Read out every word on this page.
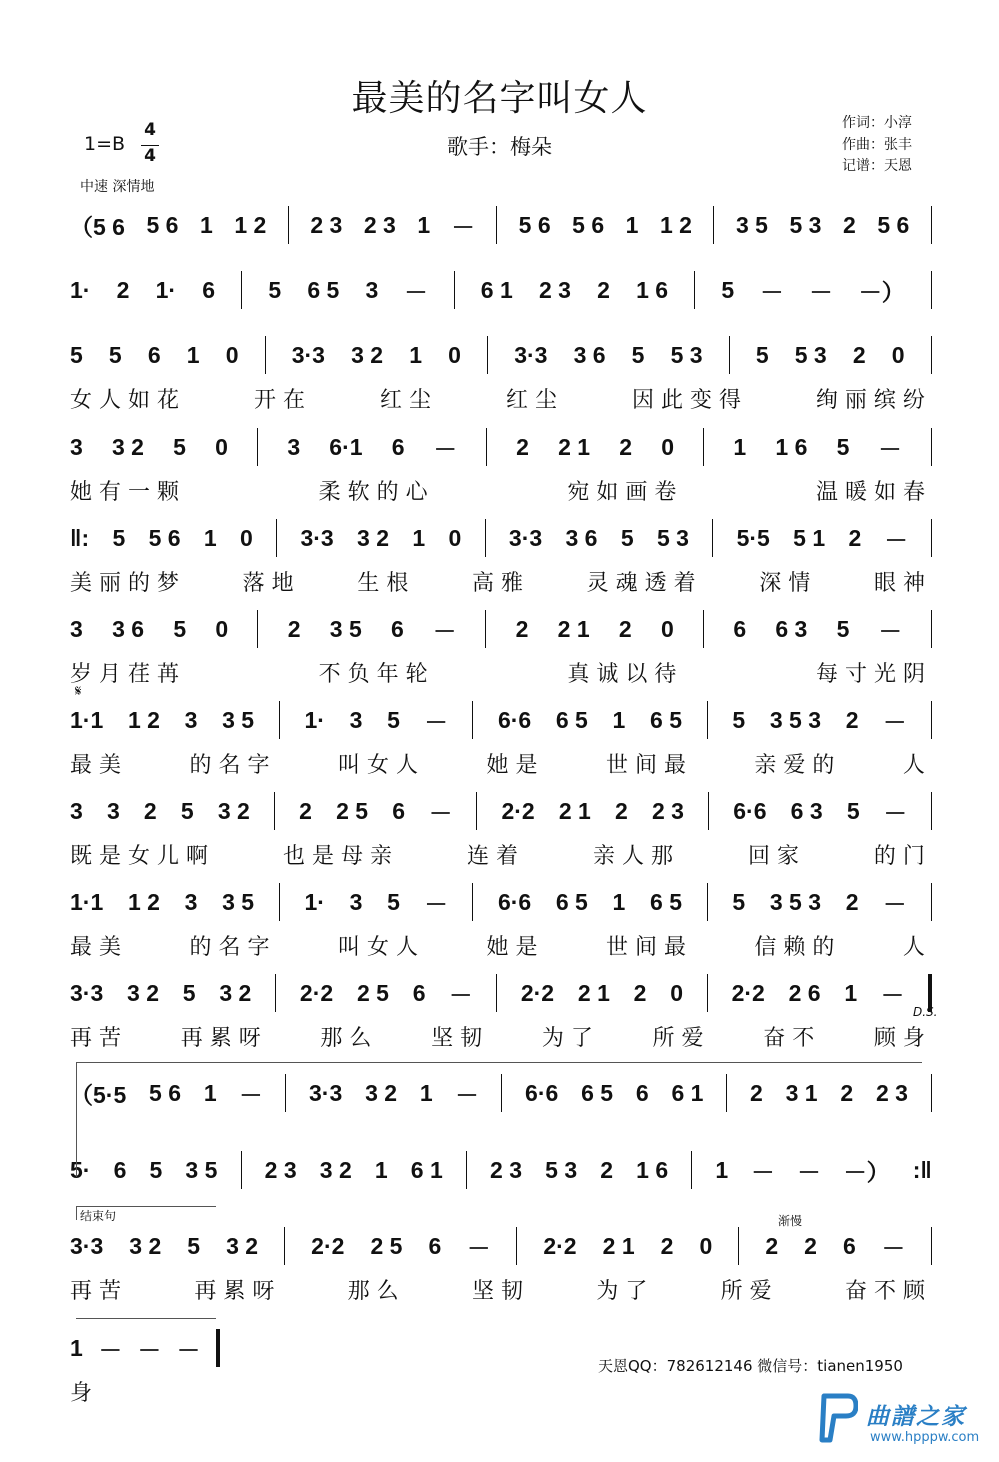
最美的名字叫女人
1=B
4
4
中速 深情地
歌手：梅朵
作词：小淳
作曲：张丰
记谱：天恩
（5 6 5 6 1 1 2 2 3 2 3 1 － 5 6 5 6 1 1 2 3 5 5 3 2 5 6
1· 2 1· 6 5 6 5 3 － 6 1 2 3 2 1 6 5 － － －）
5 5 6 1 0 3·3 3 2 1 0 3·3 3 6 5 5 3 5 5 3 2 0
女人如花	开在	红尘	红尘	因此变得	绚丽缤纷
3 3 2 5 0	3 6·1 6 －	2 2 1 2 0	1 1 6 5 －
她有一颗	柔软的心	宛如画卷	温暖如春
‖: 5 5 6 1 0 3·3 3 2 1 0 3·3 3 6 5 5 3 5·5 5 1 2 －
美丽的梦	落地	生根	高雅	灵魂透着	深情	眼神
3 3 6 5 0	2 3 5 6 －	2 2 1 2 0	6 6 3 5 －
岁月荏苒	不负年轮	真诚以待	每寸光阴
1·1 1 2 3 3 5 1· 3 5 － 6·6 6 5 1 6 5 5 3 5 3 2 －
最美	的名字	叫女人	她是	世间最	亲爱的	人
3 3 2 5 3 2 2 2 5 6 － 2·2 2 1 2 2 3 6·6 6 3 5 －
既是女儿啊	也是母亲	连着	亲人那	回家	的门
1·1 1 2 3 3 5 1· 3 5 － 6·6 6 5 1 6 5 5 3 5 3 2 －
最美	的名字	叫女人	她是	世间最	信赖的	人
3·3 3 2 5 3 2 2·2 2 5 6 － 2·2 2 1 2 0 2·2 2 6 1 －
再苦 再累呀 那么 坚韧 为了 所爱 奋不 顾身
（5·5 5 6 1 － 3·3 3 2 1 － 6·6 6 5 6 6 1 2 3 1 2 2 3
5· 6 5 3 5 2 3 3 2 1 6 1 2 3 5 3 2 1 6 1 － － －） :‖
3·3 3 2 5 3 2 2·2 2 5 6 － 2·2 2 1 2 0 2 2 6 －
再苦	再累呀	那么	坚韧	为了	所爱	奋不顾
1 － － －
身
𝄋
D.S.
结束句	渐慢
天恩QQ：782612146 微信号：tianen1950
曲譜之家
www.hpppw.com
